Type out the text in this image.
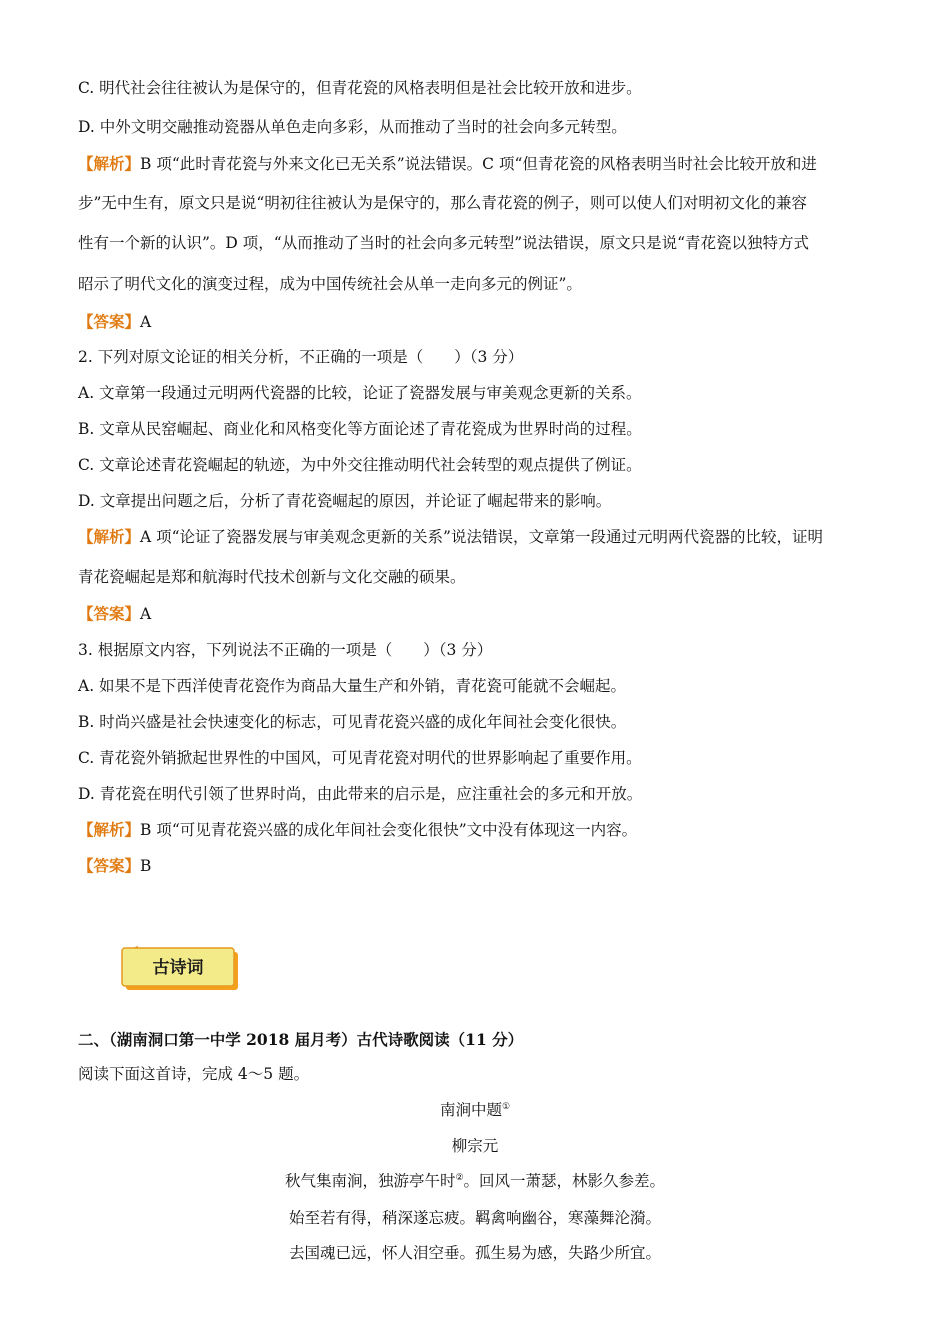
C. 明代社会往往被认为是保守的，但青花瓷的风格表明但是社会比较开放和进步。
D. 中外文明交融推动瓷器从单色走向多彩，从而推动了当时的社会向多元转型。
【解析】B 项“此时青花瓷与外来文化已无关系”说法错误。C 项“但青花瓷的风格表明当时社会比较开放和进
步”无中生有，原文只是说“明初往往被认为是保守的，那么青花瓷的例子，则可以使人们对明初文化的兼容
性有一个新的认识”。D 项，“从而推动了当时的社会向多元转型”说法错误，原文只是说“青花瓷以独特方式
昭示了明代文化的演变过程，成为中国传统社会从单一走向多元的例证”。
【答案】A
2. 下列对原文论证的相关分析，不正确的一项是（　　）（3 分）
A. 文章第一段通过元明两代瓷器的比较，论证了瓷器发展与审美观念更新的关系。
B. 文章从民窑崛起、商业化和风格变化等方面论述了青花瓷成为世界时尚的过程。
C. 文章论述青花瓷崛起的轨迹，为中外交往推动明代社会转型的观点提供了例证。
D. 文章提出问题之后，分析了青花瓷崛起的原因，并论证了崛起带来的影响。
【解析】A 项“论证了瓷器发展与审美观念更新的关系”说法错误，文章第一段通过元明两代瓷器的比较，证明
青花瓷崛起是郑和航海时代技术创新与文化交融的硕果。
【答案】A
3. 根据原文内容，下列说法不正确的一项是（　　）（3 分）
A. 如果不是下西洋使青花瓷作为商品大量生产和外销，青花瓷可能就不会崛起。
B. 时尚兴盛是社会快速变化的标志，可见青花瓷兴盛的成化年间社会变化很快。
C. 青花瓷外销掀起世界性的中国风，可见青花瓷对明代的世界影响起了重要作用。
D. 青花瓷在明代引领了世界时尚，由此带来的启示是，应注重社会的多元和开放。
【解析】B 项“可见青花瓷兴盛的成化年间社会变化很快”文中没有体现这一内容。
【答案】B
古诗词
二、（湖南洞口第一中学 2018 届月考）古代诗歌阅读（11 分）
阅读下面这首诗，完成 4～5 题。
南涧中题①
柳宗元
秋气集南涧，独游亭午时②。回风一萧瑟，林影久参差。
始至若有得，稍深遂忘疲。羁禽响幽谷，寒藻舞沦漪。
去国魂已远，怀人泪空垂。孤生易为感，失路少所宜。
